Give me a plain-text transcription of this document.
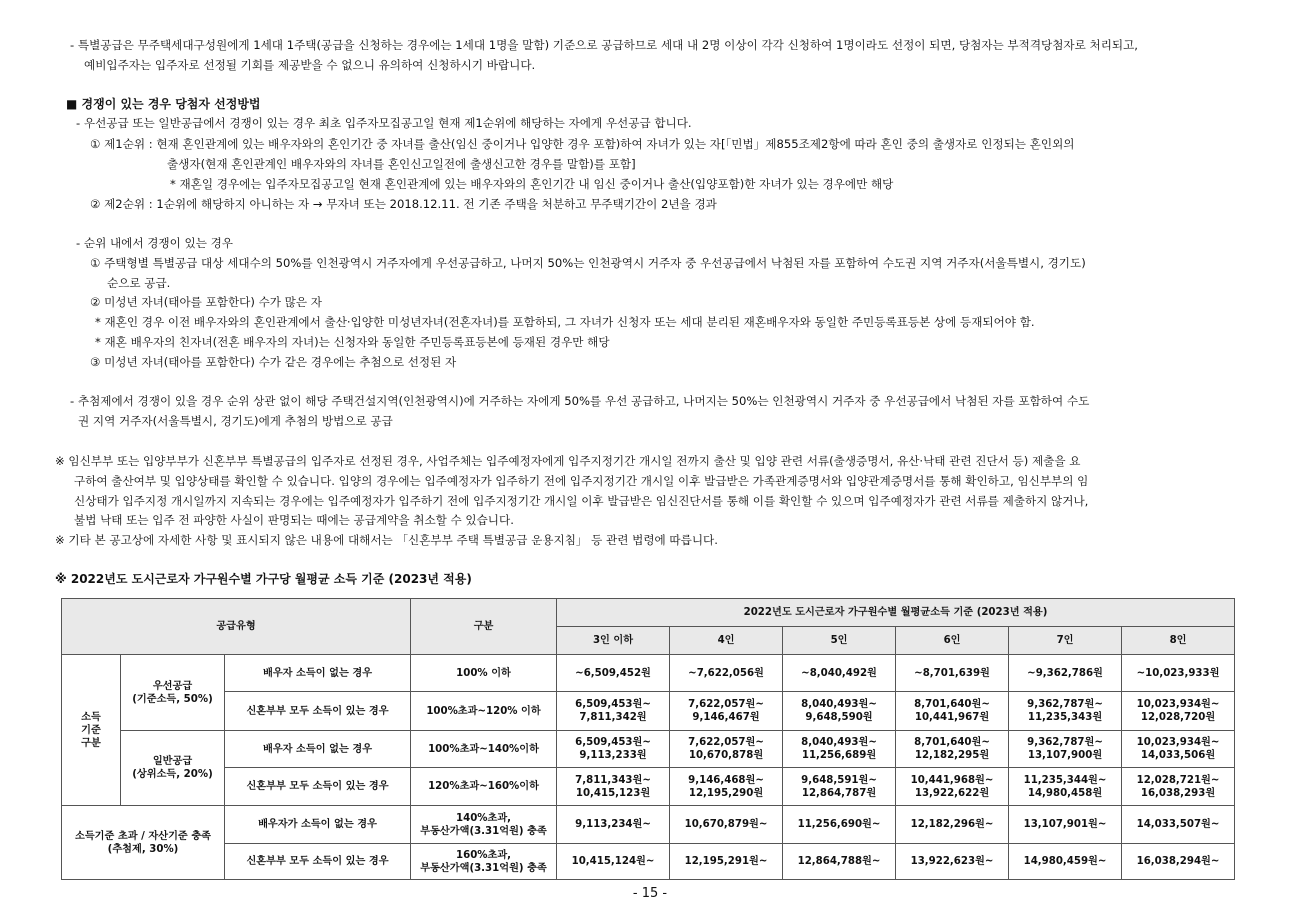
- 특별공급은 무주택세대구성원에게 1세대 1주택(공급을 신청하는 경우에는 1세대 1명을 말함) 기준으로 공급하므로 세대 내 2명 이상이 각각 신청하여 1명이라도 선정이 되면, 당첨자는 부적격당첨자로 처리되고,
예비입주자는 입주자로 선정될 기회를 제공받을 수 없으니 유의하여 신청하시기 바랍니다.
■ 경쟁이 있는 경우 당첨자 선정방법
- 우선공급 또는 일반공급에서 경쟁이 있는 경우 최초 입주자모집공고일 현재 제1순위에 해당하는 자에게 우선공급 합니다.
① 제1순위 : 현재 혼인관계에 있는 배우자와의 혼인기간 중 자녀를 출산(임신 중이거나 입양한 경우 포함)하여 자녀가 있는 자[「민법」제855조제2항에 따라 혼인 중의 출생자로 인정되는 혼인외의
출생자(현재 혼인관계인 배우자와의 자녀를 혼인신고일전에 출생신고한 경우를 말함)를 포함]
* 재혼일 경우에는 입주자모집공고일 현재 혼인관계에 있는 배우자와의 혼인기간 내 임신 중이거나 출산(입양포함)한 자녀가 있는 경우에만 해당
② 제2순위 : 1순위에 해당하지 아니하는 자 → 무자녀 또는 2018.12.11. 전 기존 주택을 처분하고 무주택기간이 2년을 경과
- 순위 내에서 경쟁이 있는 경우
① 주택형별 특별공급 대상 세대수의 50%를 인천광역시 거주자에게 우선공급하고, 나머지 50%는 인천광역시 거주자 중 우선공급에서 낙첨된 자를 포함하여 수도권 지역 거주자(서울특별시, 경기도)
순으로 공급.
② 미성년 자녀(태아를 포함한다) 수가 많은 자
* 재혼인 경우 이전 배우자와의 혼인관계에서 출산·입양한 미성년자녀(전혼자녀)를 포함하되, 그 자녀가 신청자 또는 세대 분리된 재혼배우자와 동일한 주민등록표등본 상에 등재되어야 함.
* 재혼 배우자의 친자녀(전혼 배우자의 자녀)는 신청자와 동일한 주민등록표등본에 등재된 경우만 해당
③ 미성년 자녀(태아를 포함한다) 수가 같은 경우에는 추첨으로 선정된 자
- 추첨제에서 경쟁이 있을 경우 순위 상관 없이 해당 주택건설지역(인천광역시)에 거주하는 자에게 50%를 우선 공급하고, 나머지는 50%는 인천광역시 거주자 중 우선공급에서 낙첨된 자를 포함하여 수도
권 지역 거주자(서울특별시, 경기도)에게 추첨의 방법으로 공급
※ 임신부부 또는 입양부부가 신혼부부 특별공급의 입주자로 선정된 경우, 사업주체는 입주예정자에게 입주지정기간 개시일 전까지 출산 및 입양 관련 서류(출생증명서, 유산·낙태 관련 진단서 등) 제출을 요
구하여 출산여부 및 입양상태를 확인할 수 있습니다. 입양의 경우에는 입주예정자가 입주하기 전에 입주지정기간 개시일 이후 발급받은 가족관계증명서와 입양관계증명서를 통해 확인하고, 임신부부의 임
신상태가 입주지정 개시일까지 지속되는 경우에는 입주예정자가 입주하기 전에 입주지정기간 개시일 이후 발급받은 임신진단서를 통해 이를 확인할 수 있으며 입주예정자가 관련 서류를 제출하지 않거나,
불법 낙태 또는 입주 전 파양한 사실이 판명되는 때에는 공급계약을 취소할 수 있습니다.
※ 기타 본 공고상에 자세한 사항 및 표시되지 않은 내용에 대해서는 「신혼부부 주택 특별공급 운용지침」 등 관련 법령에 따릅니다.
※ 2022년도 도시근로자 가구원수별 가구당 월평균 소득 기준 (2023년 적용)
공급유형			구분	2022년도 도시근로자 가구원수별 월평균소득 기준 (2023년 적용)					
				3인 이하	4인	5인	6인	7인	8인
소득
기준
구분	우선공급
(기준소득, 50%)	배우자 소득이 없는 경우	100% 이하	~6,509,452원	~7,622,056원	~8,040,492원	~8,701,639원	~9,362,786원	~10,023,933원
		신혼부부 모두 소득이 있는 경우	100%초과~120% 이하	6,509,453원~
7,811,342원	7,622,057원~
9,146,467원	8,040,493원~
9,648,590원	8,701,640원~
10,441,967원	9,362,787원~
11,235,343원	10,023,934원~
12,028,720원
	일반공급
(상위소득, 20%)	배우자 소득이 없는 경우	100%초과~140%이하	6,509,453원~
9,113,233원	7,622,057원~
10,670,878원	8,040,493원~
11,256,689원	8,701,640원~
12,182,295원	9,362,787원~
13,107,900원	10,023,934원~
14,033,506원
		신혼부부 모두 소득이 있는 경우	120%초과~160%이하	7,811,343원~
10,415,123원	9,146,468원~
12,195,290원	9,648,591원~
12,864,787원	10,441,968원~
13,922,622원	11,235,344원~
14,980,458원	12,028,721원~
16,038,293원
소득기준 초과 / 자산기준 충족
(추첨제, 30%)		배우자가 소득이 없는 경우	140%초과,
부동산가액(3.31억원) 충족	9,113,234원~	10,670,879원~	11,256,690원~	12,182,296원~	13,107,901원~	14,033,507원~
		신혼부부 모두 소득이 있는 경우	160%초과,
부동산가액(3.31억원) 충족	10,415,124원~	12,195,291원~	12,864,788원~	13,922,623원~	14,980,459원~	16,038,294원~
- 15 -
